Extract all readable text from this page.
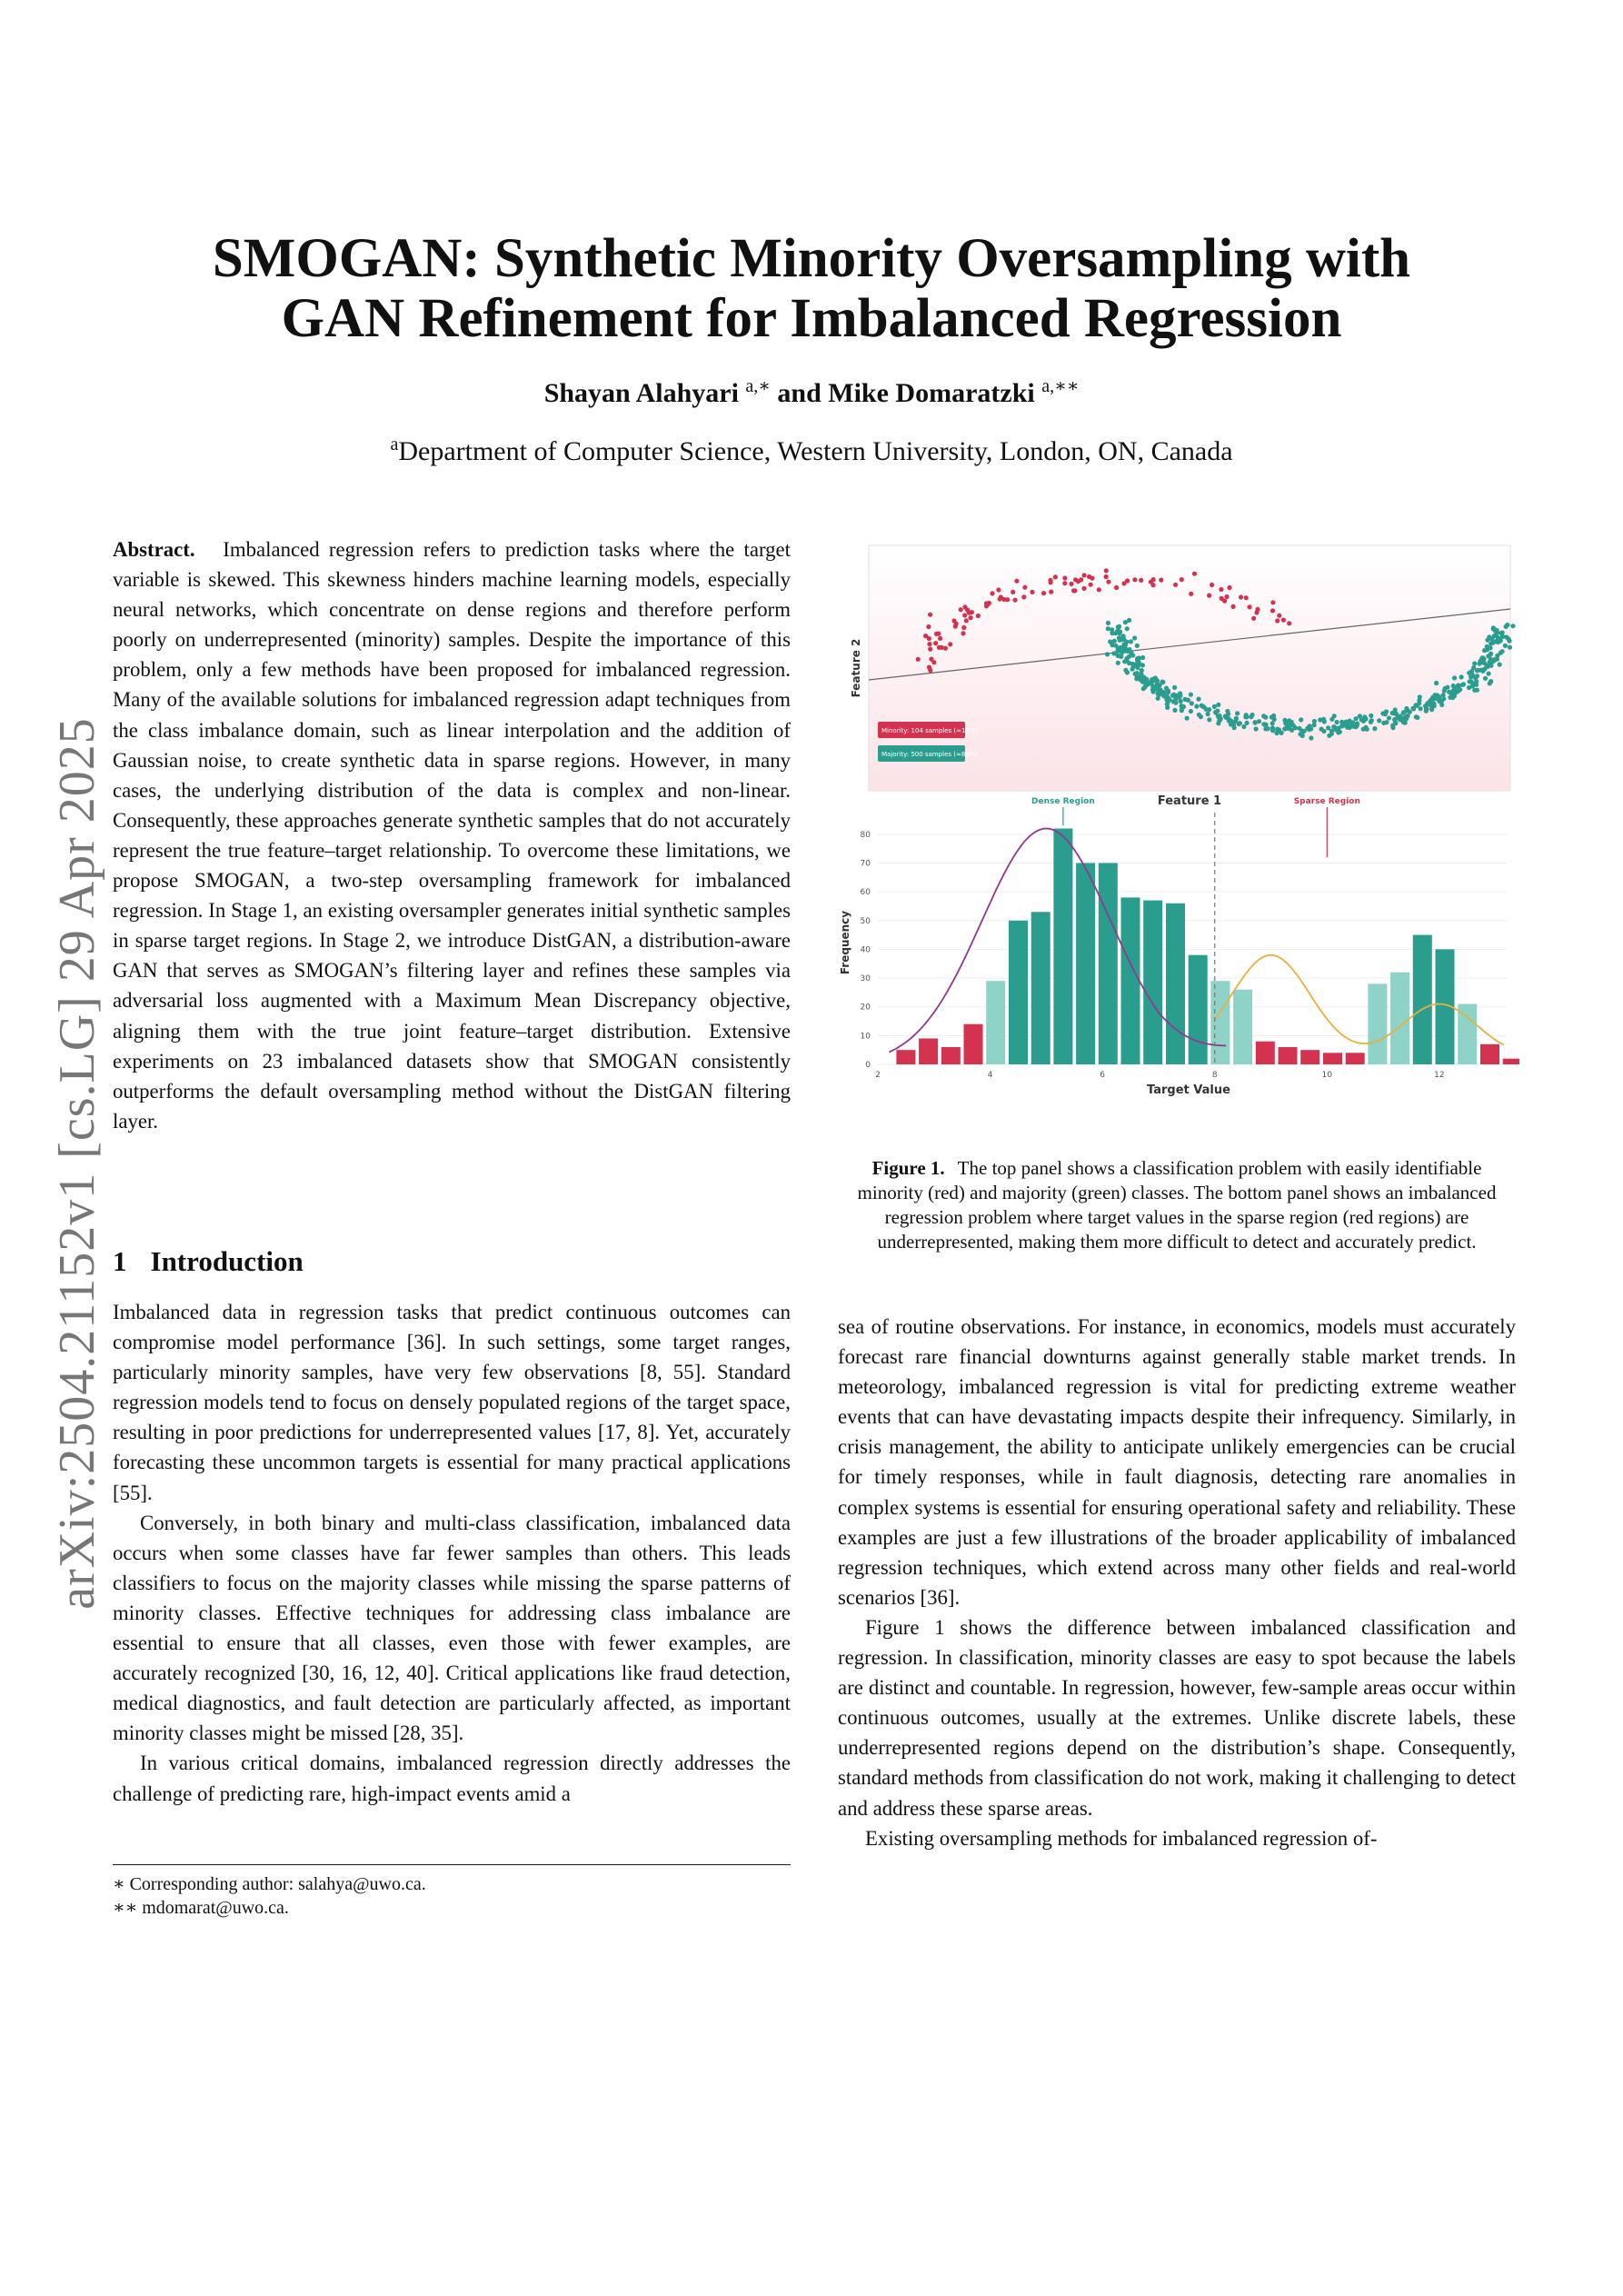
arXiv:2504.21152v1 [cs.LG] 29 Apr 2025
SMOGAN: Synthetic Minority Oversampling with
GAN Refinement for Imbalanced Regression
Shayan Alahyari $^{a,∗}$ and Mike Domaratzki $^{a,∗∗}$
$^a$Department of Computer Science, Western University, London, ON, Canada

Abstract. Imbalanced regression refers to prediction tasks where the target variable is skewed. This skewness hinders machine learning models, especially neural networks, which concentrate on dense regions and therefore perform poorly on underrepresented (minority) samples. Despite the importance of this problem, only a few methods have been proposed for imbalanced regression. Many of the available solutions for imbalanced regression adapt techniques from the class imbalance domain, such as linear interpolation and the addition of Gaussian noise, to create synthetic data in sparse regions. However, in many cases, the underlying distribution of the data is complex and non-linear. Consequently, these approaches generate synthetic samples that do not accurately represent the true feature–target relationship. To overcome these limitations, we propose SMOGAN, a two-step oversampling framework for imbalanced regression. In Stage 1, an existing oversampler generates initial synthetic samples in sparse target regions. In Stage 2, we introduce DistGAN, a distribution-aware GAN that serves as SMOGAN’s filtering layer and refines these samples via adversarial loss augmented with a Maximum Mean Discrepancy objective, aligning them with the true joint feature–target distribution. Extensive experiments on 23 imbalanced datasets show that SMOGAN consistently outperforms the default oversampling method without the DistGAN filtering layer.

1 Introduction

Imbalanced data in regression tasks that predict continuous outcomes can compromise model performance [36]. In such settings, some target ranges, particularly minority samples, have very few observations [8, 55]. Standard regression models tend to focus on densely populated regions of the target space, resulting in poor predictions for underrepresented values [17, 8]. Yet, accurately forecasting these uncommon targets is essential for many practical applications [55].

Conversely, in both binary and multi-class classification, imbalanced data occurs when some classes have far fewer samples than others. This leads classifiers to focus on the majority classes while missing the sparse patterns of minority classes. Effective techniques for addressing class imbalance are essential to ensure that all classes, even those with fewer examples, are accurately recognized [30, 16, 12, 40]. Critical applications like fraud detection, medical diagnostics, and fault detection are particularly affected, as important minority classes might be missed [28, 35].

In various critical domains, imbalanced regression directly addresses the challenge of predicting rare, high-impact events amid a

∗ Corresponding author: salahya@uwo.ca.
∗∗ mdomarat@uwo.ca.
Minority: 104 samples (≈16%)
Majority: 500 samples (≈84%)
Feature 2
Feature 1
2	4	6	8	10	12
0
10
20
30
40
50
60
70
80
Dense Region	Sparse Region
Frequency
Target Value
Figure 1. The top panel shows a classification problem with easily identifiable minority (red) and majority (green) classes. The bottom panel shows an imbalanced regression problem where target values in the sparse region (red regions) are underrepresented, making them more difficult to detect and accurately predict.

sea of routine observations. For instance, in economics, models must accurately forecast rare financial downturns against generally stable market trends. In meteorology, imbalanced regression is vital for predicting extreme weather events that can have devastating impacts despite their infrequency. Similarly, in crisis management, the ability to anticipate unlikely emergencies can be crucial for timely responses, while in fault diagnosis, detecting rare anomalies in complex systems is essential for ensuring operational safety and reliability. These examples are just a few illustrations of the broader applicability of imbalanced regression techniques, which extend across many other fields and real-world scenarios [36].

Figure 1 shows the difference between imbalanced classification and regression. In classification, minority classes are easy to spot because the labels are distinct and countable. In regression, however, few-sample areas occur within continuous outcomes, usually at the extremes. Unlike discrete labels, these underrepresented regions depend on the distribution’s shape. Consequently, standard methods from classification do not work, making it challenging to detect and address these sparse areas.

Existing oversampling methods for imbalanced regression of-
